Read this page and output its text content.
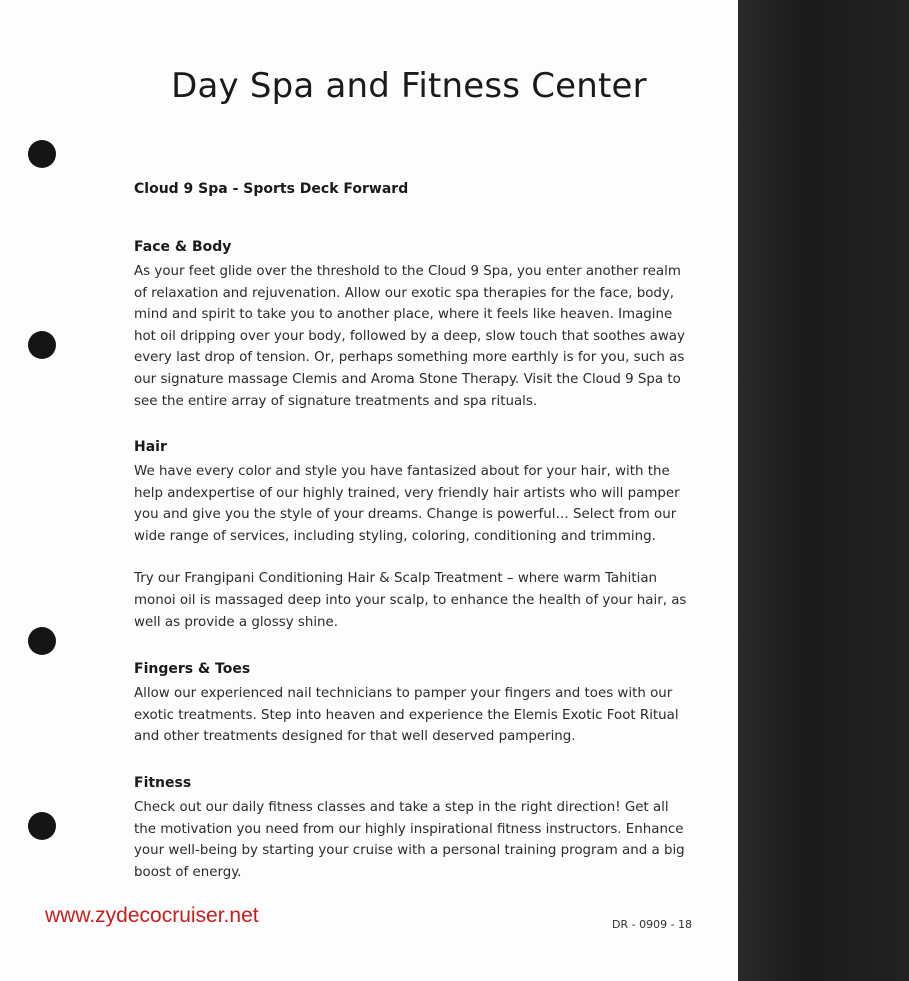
Day Spa and Fitness Center
Cloud 9 Spa - Sports Deck Forward
Face & Body

As your feet glide over the threshold to the Cloud 9 Spa, you enter another realm of relaxation and rejuvenation. Allow our exotic spa therapies for the face, body, mind and spirit to take you to another place, where it feels like heaven. Imagine hot oil dripping over your body, followed by a deep, slow touch that soothes away every last drop of tension. Or, perhaps something more earthly is for you, such as our signature massage Clemis and Aroma Stone Therapy. Visit the Cloud 9 Spa to see the entire array of signature treatments and spa rituals.

Hair

We have every color and style you have fantasized about for your hair, with the help andexpertise of our highly trained, very friendly hair artists who will pamper you and give you the style of your dreams. Change is powerful… Select from our wide range of services, including styling, coloring, conditioning and trimming.

Try our Frangipani Conditioning Hair & Scalp Treatment – where warm Tahitian monoi oil is massaged deep into your scalp, to enhance the health of your hair, as well as provide a glossy shine.

Fingers & Toes

Allow our experienced nail technicians to pamper your fingers and toes with our exotic treatments. Step into heaven and experience the Elemis Exotic Foot Ritual and other treatments designed for that well deserved pampering.

Fitness

Check out our daily fitness classes and take a step in the right direction! Get all the motivation you need from our highly inspirational fitness instructors. Enhance your well-being by starting your cruise with a personal training program and a big boost of energy.

www.zydecocruiser.net	DR - 0909 - 18
